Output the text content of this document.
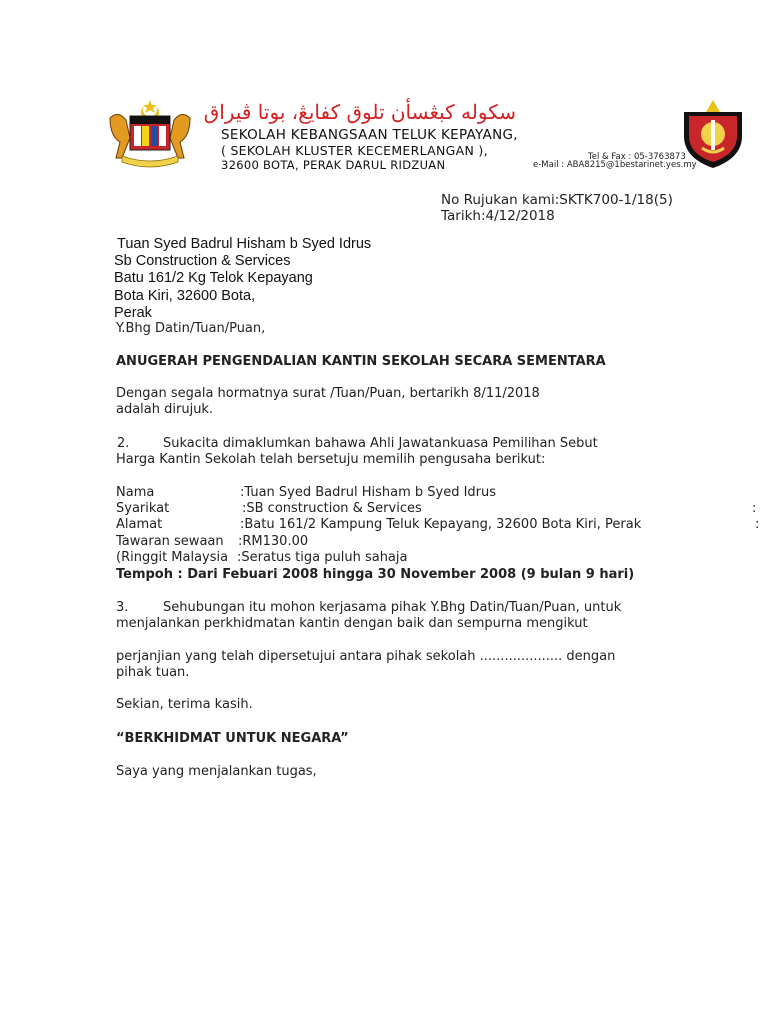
سکوله کبڠسأن تلوق کفايڠ، بوتا ڤيراق
SEKOLAH KEBANGSAAN TELUK KEPAYANG,
( SEKOLAH KLUSTER KECEMERLANGAN ),
32600 BOTA, PERAK DARUL RIDZUAN
Tel & Fax : 05-3763873
e-Mail : ABA8215@1bestarinet.yes.my
No Rujukan kami:SKTK700-1/18(5)
Tarikh:4/12/2018
Tuan Syed Badrul Hisham b Syed Idrus
Sb Construction & Services
Batu 161/2 Kg Telok Kepayang
Bota Kiri, 32600 Bota,
Perak
Y.Bhg Datin/Tuan/Puan,
ANUGERAH PENGENDALIAN KANTIN SEKOLAH SECARA SEMENTARA
Dengan segala hormatnya surat /Tuan/Puan, bertarikh 8/11/2018
adalah dirujuk.
2.	Sukacita dimaklumkan bahawa Ahli Jawatankuasa Pemilihan Sebut
Harga Kantin Sekolah telah bersetuju memilih pengusaha berikut:
Nama	:Tuan Syed Badrul Hisham b Syed Idrus
Syarikat	:SB construction & Services	:
Alamat	:Batu 161/2 Kampung Teluk Kepayang, 32600 Bota Kiri, Perak	:
Tawaran sewaan :RM130.00
(Ringgit Malaysia :Seratus tiga puluh sahaja
Tempoh : Dari Febuari 2008 hingga 30 November 2008 (9 bulan 9 hari)
3.	Sehubungan itu mohon kerjasama pihak Y.Bhg Datin/Tuan/Puan, untuk
menjalankan perkhidmatan kantin dengan baik dan sempurna mengikut
perjanjian yang telah dipersetujui antara pihak sekolah .................... dengan
pihak tuan.
Sekian, terima kasih.
“BERKHIDMAT UNTUK NEGARA”
Saya yang menjalankan tugas,
